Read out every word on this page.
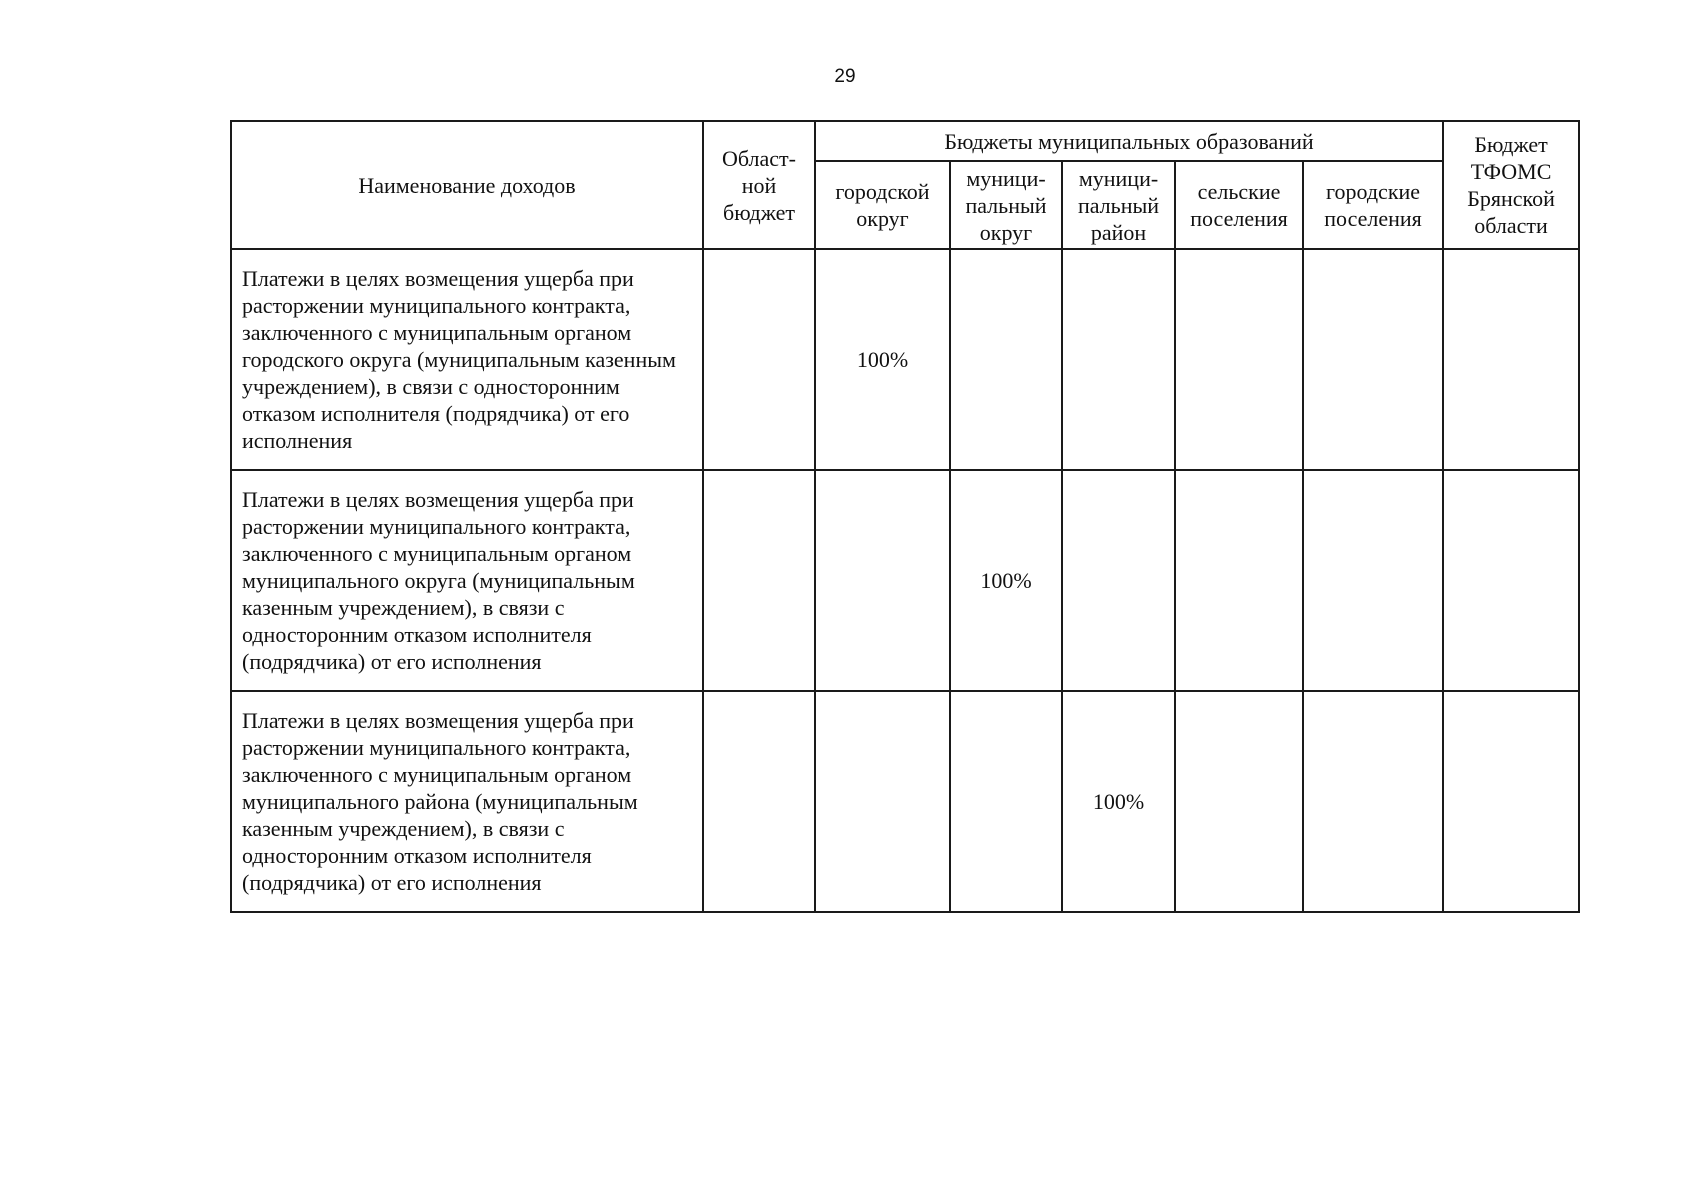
29
Наименование доходов	Област-
ной
бюджет	Бюджеты муниципальных образований					Бюджет
ТФОМС
Брянской
области
		городской
округ	муници-
пальный
округ	муници-
пальный
район	сельские
поселения	городские
поселения	
Платежи в целях возмещения ущерба при расторжении муниципального контракта, заключенного с муниципальным органом городского округа (муниципальным казенным учреждением), в связи с односторонним отказом исполнителя (подрядчика) от его исполнения		100%					
Платежи в целях возмещения ущерба при расторжении муниципального контракта, заключенного с муниципальным органом муниципального округа (муниципальным казенным учреждением), в связи с односторонним отказом исполнителя (подрядчика) от его исполнения			100%				
Платежи в целях возмещения ущерба при расторжении муниципального контракта, заключенного с муниципальным органом муниципального района (муниципальным казенным учреждением), в связи с односторонним отказом исполнителя (подрядчика) от его исполнения				100%			
